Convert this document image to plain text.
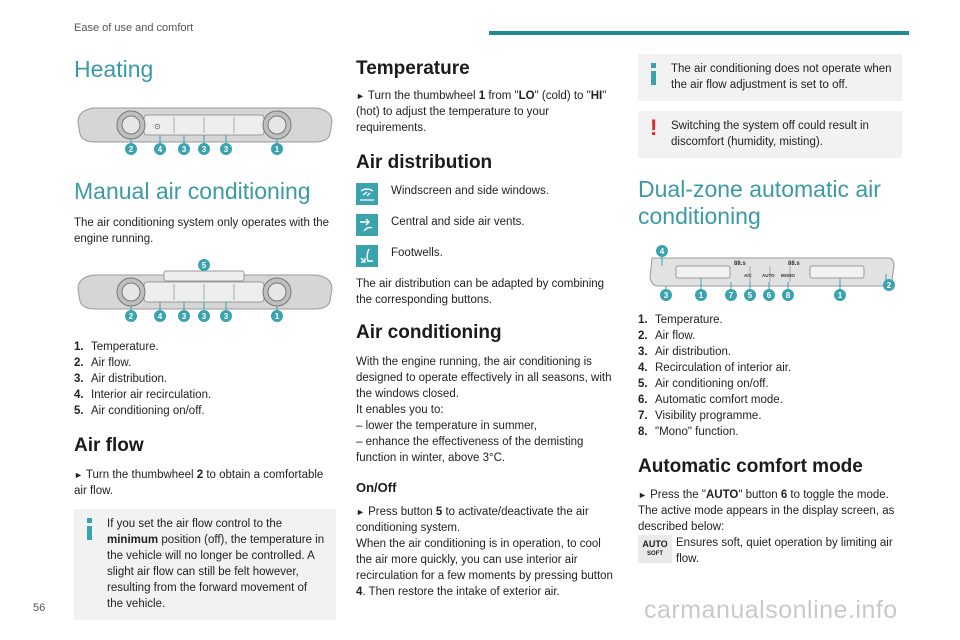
Ease of use and comfort
Heating
⊙
2	4 3 3 3	1
Manual air conditioning

The air conditioning system only operates with the engine running.

5
2	4 3 3 3	1
1. Temperature.
2. Air flow.
3. Air distribution.
4. Interior air recirculation.
5. Air conditioning on/off.
Air flow

► Turn the thumbwheel 2 to obtain a comfortable air flow.

If you set the air flow control to the minimum position (off), the temperature in the vehicle will no longer be controlled. A slight air flow can still be felt however, resulting from the forward movement of the vehicle.
Temperature

► Turn the thumbwheel 1 from "LO" (cold) to "HI" (hot) to adjust the temperature to your requirements.

Air distribution
Windscreen and side windows.
Central and side air vents.
Footwells.

The air distribution can be adapted by combining the corresponding buttons.

Air conditioning

With the engine running, the air conditioning is designed to operate effectively in all seasons, with the windows closed.

It enables you to:

– lower the temperature in summer,

– enhance the effectiveness of the demisting function in winter, above 3°C.

On/Off

► Press button 5 to activate/deactivate the air conditioning system.

When the air conditioning is in operation, to cool the air more quickly, you can use interior air recirculation for a few moments by pressing button 4. Then restore the intake of exterior air.

The air conditioning does not operate when the air flow adjustment is set to off.
! Switching the system off could result in discomfort (humidity, misting).
Dual-zone automatic air conditioning
88.s
A/C AUTO MONO
88.s
4
2
3	1	7 5 6 8	1
1. Temperature.
2. Air flow.
3. Air distribution.
4. Recirculation of interior air.
5. Air conditioning on/off.
6. Automatic comfort mode.
7. Visibility programme.
8. "Mono" function.
Automatic comfort mode

► Press the "AUTO" button 6 to toggle the mode.

The active mode appears in the display screen, as described below:

AUTO
SOFT

Ensures soft, quiet operation by limiting air flow.

56	carmanualsonline.info
